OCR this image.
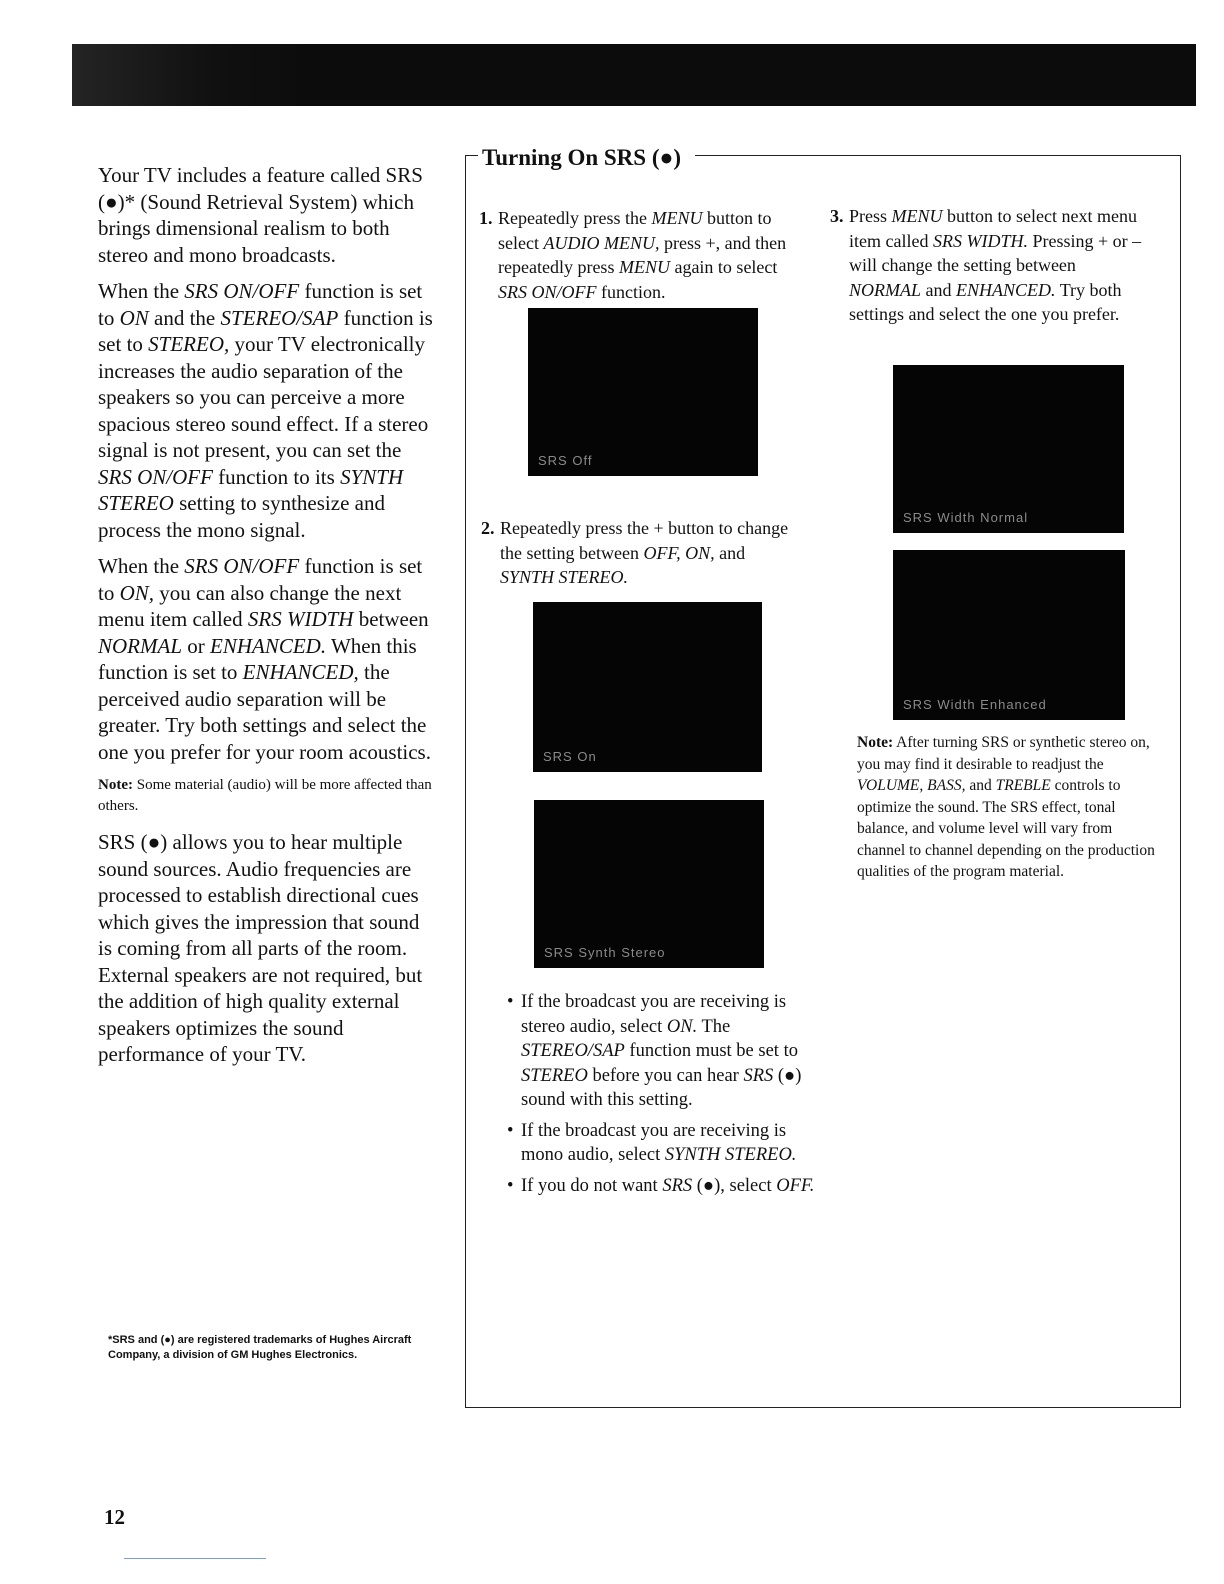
Your TV includes a feature called SRS (●)* (Sound Retrieval System) which brings dimensional realism to both stereo and mono broadcasts.

When the SRS ON/OFF function is set to ON and the STEREO/SAP function is set to STEREO, your TV electronically increases the audio separation of the speakers so you can perceive a more spacious stereo sound effect. If a stereo signal is not present, you can set the SRS ON/OFF function to its SYNTH STEREO setting to synthesize and process the mono signal.

When the SRS ON/OFF function is set to ON, you can also change the next menu item called SRS WIDTH between NORMAL or ENHANCED. When this function is set to ENHANCED, the perceived audio separation will be greater. Try both settings and select the one you prefer for your room acoustics.

Note: Some material (audio) will be more affected than others.

SRS (●) allows you to hear multiple sound sources. Audio frequencies are processed to establish directional cues which gives the impression that sound is coming from all parts of the room. External speakers are not required, but the addition of high quality external speakers optimizes the sound performance of your TV.

*SRS and (●) are registered trademarks of Hughes Aircraft Company, a division of GM Hughes Electronics.
12
Turning On SRS (●)
1. Repeatedly press the MENU button to select AUDIO MENU, press +, and then repeatedly press MENU again to select SRS ON/OFF function.
SRS Off
2. Repeatedly press the + button to change the setting between OFF, ON, and SYNTH STEREO.
SRS On
SRS Synth Stereo
• If the broadcast you are receiving is stereo audio, select ON. The STEREO/SAP function must be set to STEREO before you can hear SRS (●) sound with this setting.
• If the broadcast you are receiving is mono audio, select SYNTH STEREO.
• If you do not want SRS (●), select OFF.
3. Press MENU button to select next menu item called SRS WIDTH. Pressing + or – will change the setting between NORMAL and ENHANCED. Try both settings and select the one you prefer.
SRS Width Normal
SRS Width Enhanced
Note: After turning SRS or synthetic stereo on, you may find it desirable to readjust the VOLUME, BASS, and TREBLE controls to optimize the sound. The SRS effect, tonal balance, and volume level will vary from channel to channel depending on the production qualities of the program material.
